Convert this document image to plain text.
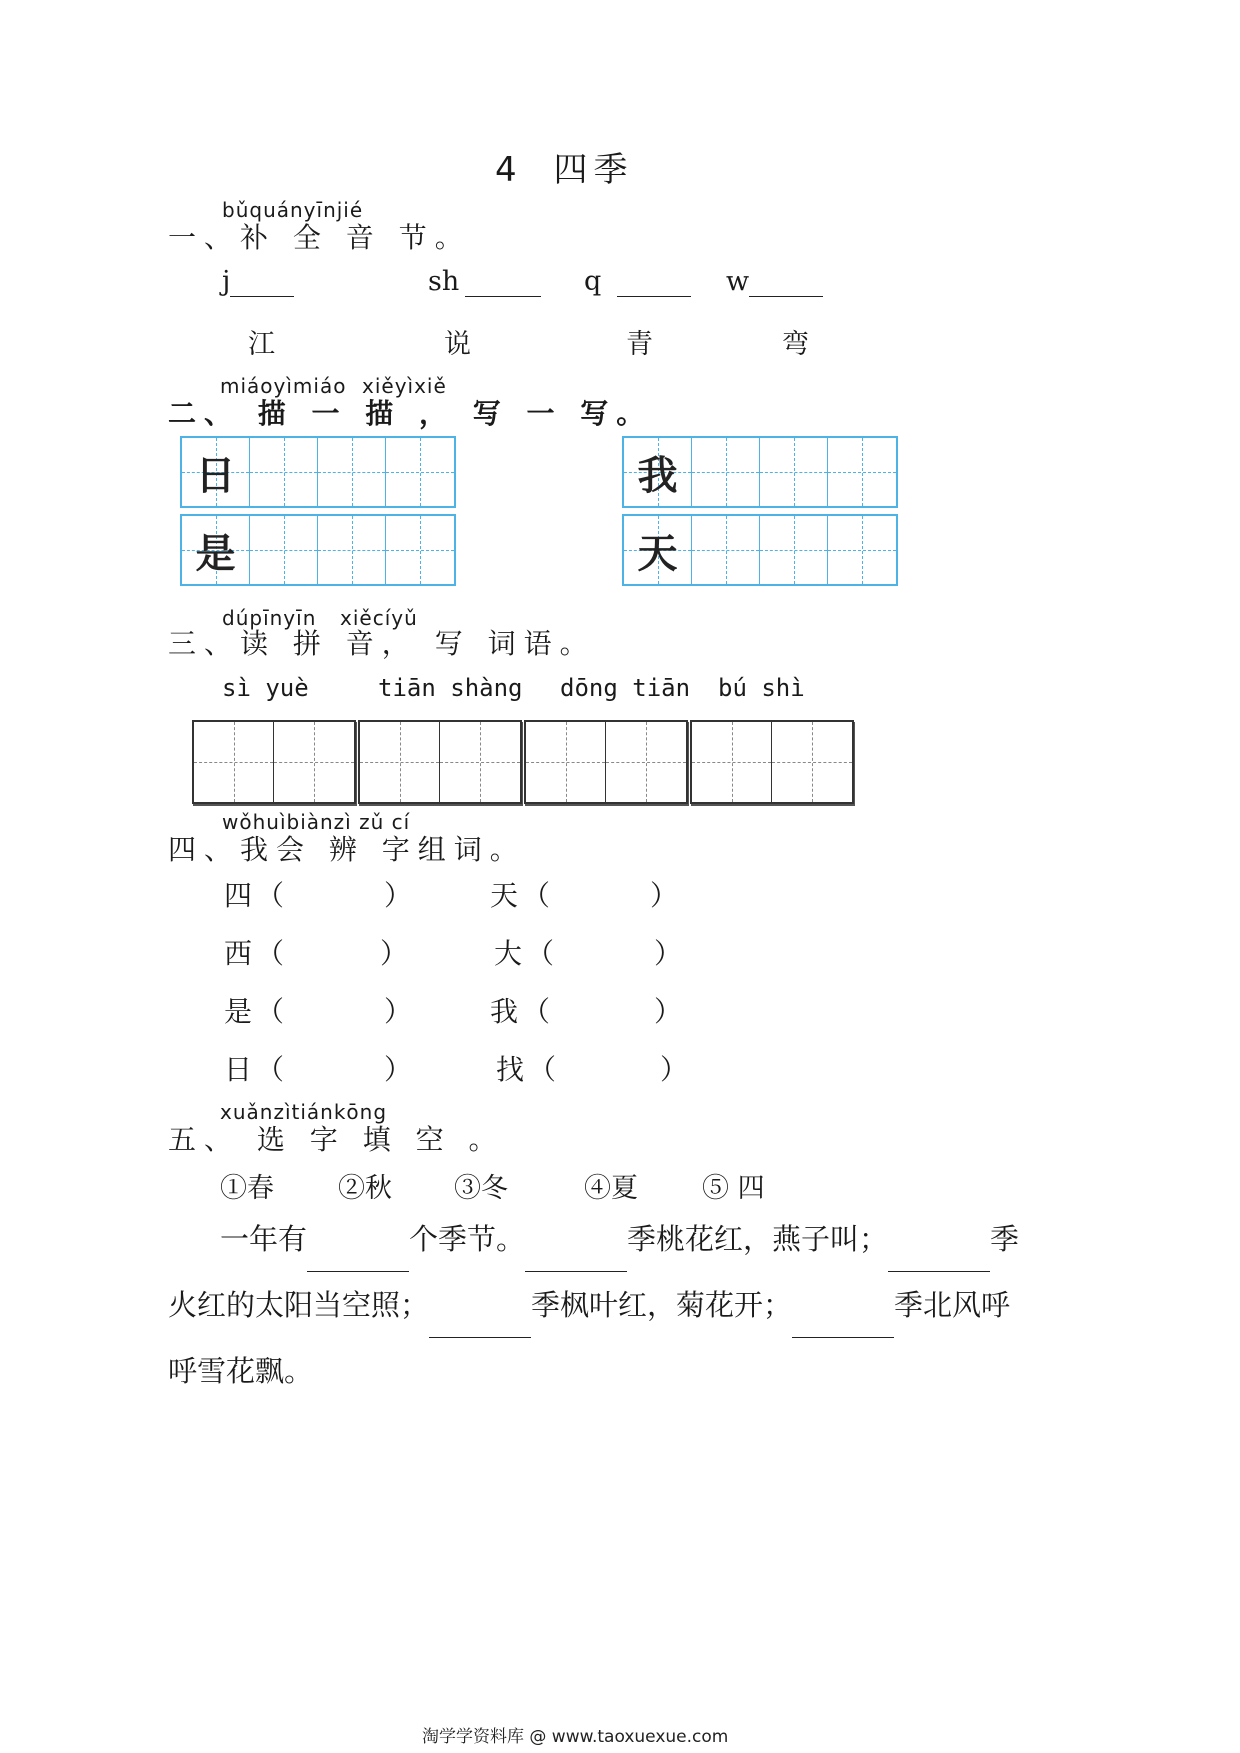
4 四季
bǔquányīnjié
一、补 全 音 节。
j	sh	q	w
江	说	青	弯
miáoyìmiáo xiěyìxiě
二、 描 一 描 ， 写 一 写。
日
是
我
天
dúpīnyīn xiěcíyǔ
三、读 拼 音， 写 词语。
sì yuè	tiān shàng dōng tiān bú shì
wǒhuìbiànzì zǔ cí
四、我会 辨 字组词。
四 （	）	天 （	）
西 （	）	大 （	）
是 （	）	我 （	）
日 （	）	找 （	）
xuǎnzìtiánkōng
五、 选 字 填 空 。
①春 ②秋 ③冬	④夏 ⑤ 四
一年有	个季节。	季桃花红，燕子叫；	季火红的太阳当空照；	季枫叶红，菊花开；	季北风呼呼雪花飘。
淘学学资料库 @ www.taoxuexue.com
